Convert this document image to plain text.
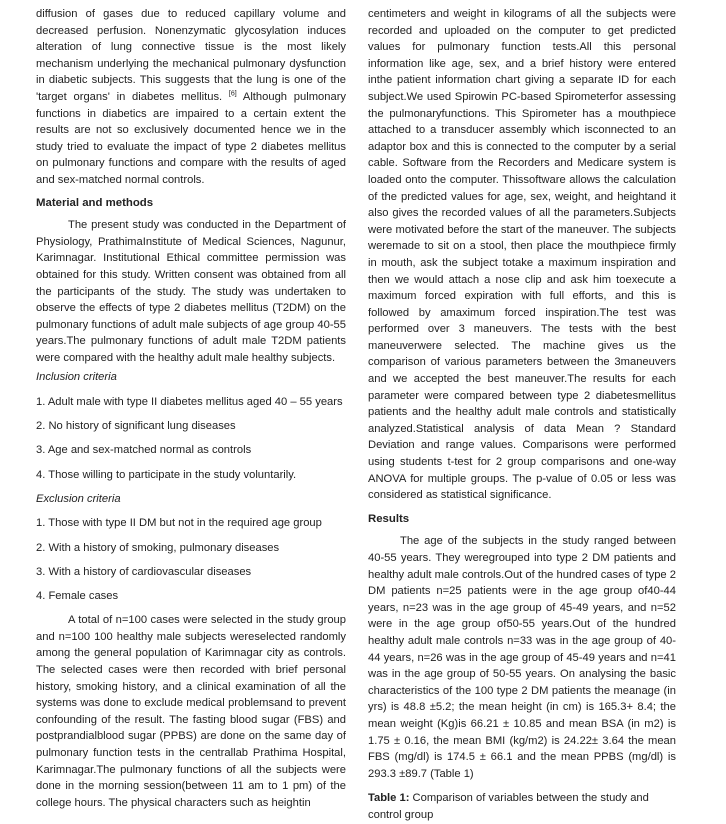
diffusion of gases due to reduced capillary volume and decreased perfusion. Nonenzymatic glycosylation induces alteration of lung connective tissue is the most likely mechanism underlying the mechanical pulmonary dysfunction in diabetic subjects. This suggests that the lung is one of the 'target organs' in diabetes mellitus. [6] Although pulmonary functions in diabetics are impaired to a certain extent the results are not so exclusively documented hence we in the study tried to evaluate the impact of type 2 diabetes mellitus on pulmonary functions and compare with the results of aged and sex-matched normal controls.

Material and methods

The present study was conducted in the Department of Physiology, PrathimaInstitute of Medical Sciences, Nagunur, Karimnagar. Institutional Ethical committee permission was obtained for this study. Written consent was obtained from all the participants of the study. The study was undertaken to observe the effects of type 2 diabetes mellitus (T2DM) on the pulmonary functions of adult male subjects of age group 40-55 years.The pulmonary functions of adult male T2DM patients were compared with the healthy adult male healthy subjects.

Inclusion criteria

1. Adult male with type II diabetes mellitus aged 40 – 55 years
2. No history of significant lung diseases
3. Age and sex-matched normal as controls
4. Those willing to participate in the study voluntarily.

Exclusion criteria

1. Those with type II DM but not in the required age group
2. With a history of smoking, pulmonary diseases
3. With a history of cardiovascular diseases
4. Female cases

A total of n=100 cases were selected in the study group and n=100 100 healthy male subjects wereselected randomly among the general population of Karimnagar city as controls. The selected cases were then recorded with brief personal history, smoking history, and a clinical examination of all the systems was done to exclude medical problemsand to prevent confounding of the result. The fasting blood sugar (FBS) and postprandialblood sugar (PPBS) are done on the same day of pulmonary function tests in the centrallab Prathima Hospital, Karimnagar.The pulmonary functions of all the subjects were done in the morning session(between 11 am to 1 pm) of the college hours. The physical characters such as heightin

centimeters and weight in kilograms of all the subjects were recorded and uploaded on the computer to get predicted values for pulmonary function tests.All this personal information like age, sex, and a brief history were entered inthe patient information chart giving a separate ID for each subject.We used Spirowin PC-based Spirometerfor assessing the pulmonaryfunctions. This Spirometer has a mouthpiece attached to a transducer assembly which isconnected to an adaptor box and this is connected to the computer by a serial cable. Software from the Recorders and Medicare system is loaded onto the computer. Thissoftware allows the calculation of the predicted values for age, sex, weight, and heightand it also gives the recorded values of all the parameters.Subjects were motivated before the start of the maneuver. The subjects weremade to sit on a stool, then place the mouthpiece firmly in mouth, ask the subject totake a maximum inspiration and then we would attach a nose clip and ask him toexecute a maximum forced expiration with full efforts, and this is followed by amaximum forced inspiration.The test was performed over 3 maneuvers. The tests with the best maneuverwere selected. The machine gives us the comparison of various parameters between the 3maneuvers and we accepted the best maneuver.The results for each parameter were compared between type 2 diabetesmellitus patients and the healthy adult male controls and statistically analyzed.Statistical analysis of data Mean ? Standard Deviation and range values. Comparisons were performed using students t-test for 2 group comparisons and one-way ANOVA for multiple groups. The p-value of 0.05 or less was considered as statistical significance.

Results

The age of the subjects in the study ranged between 40-55 years. They weregrouped into type 2 DM patients and healthy adult male controls.Out of the hundred cases of type 2 DM patients n=25 patients were in the age group of40-44 years, n=23 was in the age group of 45-49 years, and n=52 were in the age group of50-55 years.Out of the hundred healthy adult male controls n=33 was in the age group of 40-44 years, n=26 was in the age group of 45-49 years and n=41 was in the age group of 50-55 years. On analysing the basic characteristics of the 100 type 2 DM patients the meanage (in yrs) is 48.8 ±5.2; the mean height (in cm) is 165.3+ 8.4; the mean weight (Kg)is 66.21 ± 10.85 and mean BSA (in m2) is 1.75 ± 0.16, the mean BMI (kg/m2) is 24.22± 3.64 the mean FBS (mg/dl) is 174.5 ± 66.1 and the mean PPBS (mg/dl) is 293.3 ±89.7 (Table 1)

Table 1: Comparison of variables between the study and control group
